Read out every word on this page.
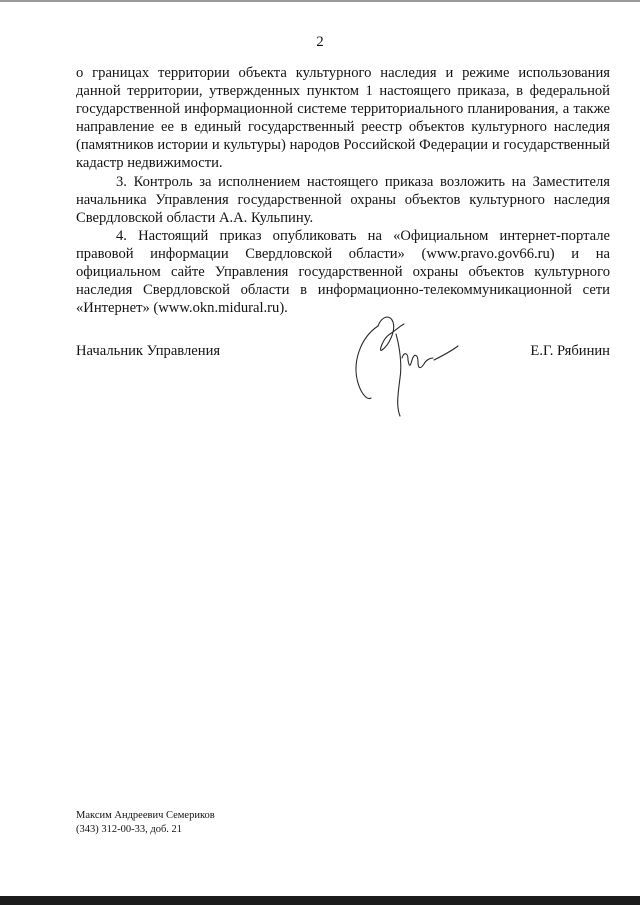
2

о границах территории объекта культурного наследия и режиме использования данной территории, утвержденных пунктом 1 настоящего приказа, в федеральной государственной информационной системе территориального планирования, а также направление ее в единый государственный реестр объектов культурного наследия (памятников истории и культуры) народов Российской Федерации и государственный кадастр недвижимости.

3. Контроль за исполнением настоящего приказа возложить на Заместителя начальника Управления государственной охраны объектов культурного наследия Свердловской области А.А. Кульпину.

4. Настоящий приказ опубликовать на «Официальном интернет-портале правовой информации Свердловской области» (www.pravo.gov66.ru) и на официальном сайте Управления государственной охраны объектов культурного наследия Свердловской области в информационно-телекоммуникационной сети «Интернет» (www.okn.midural.ru).

Начальник Управления	Е.Г. Рябинин
Максим Андреевич Семериков
(343) 312-00-33, доб. 21
